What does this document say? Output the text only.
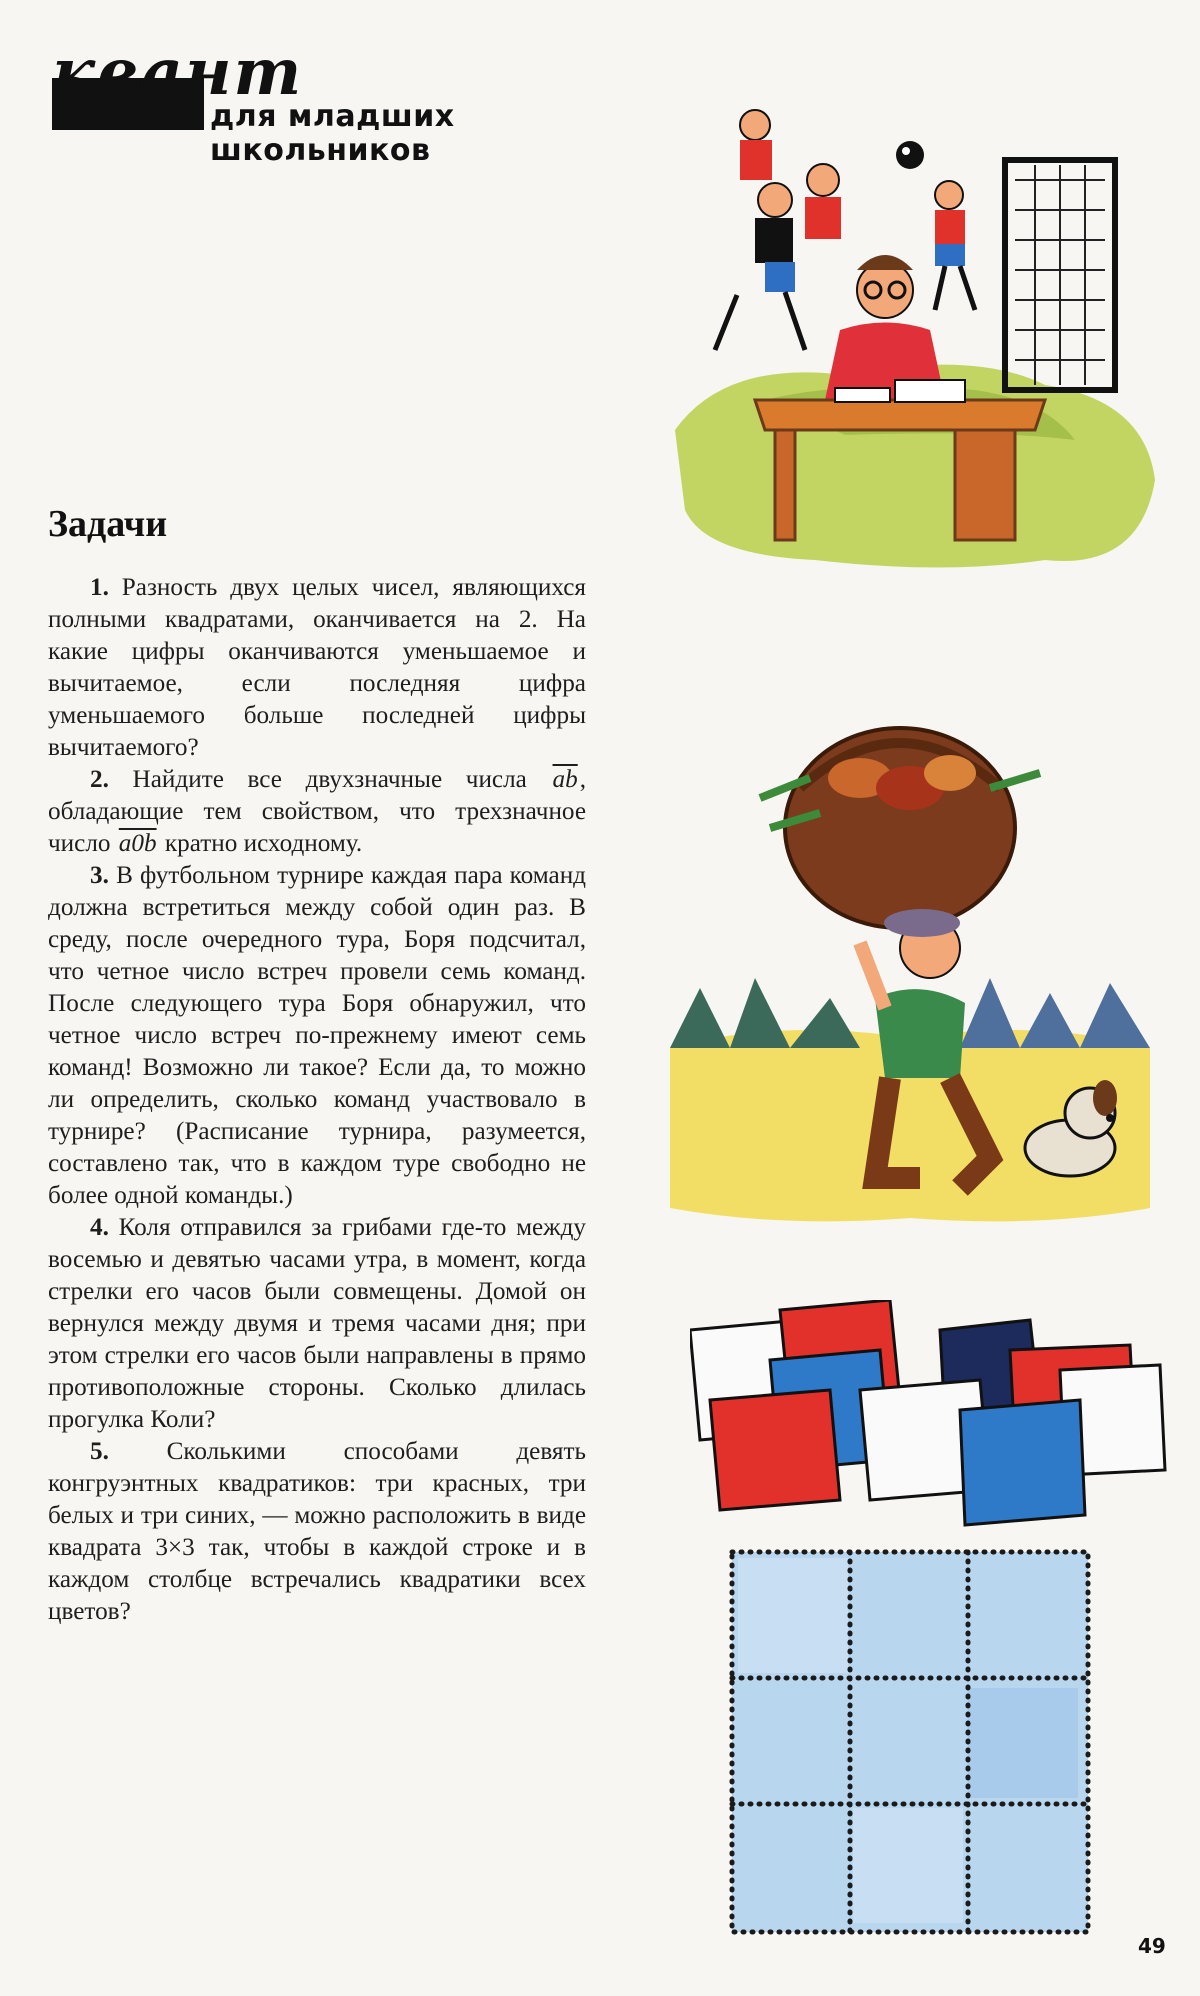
квант
для младших школьников
Задачи

1. Разность двух целых чисел, являющихся полными квадратами, оканчивается на 2. На какие цифры оканчиваются уменьшаемое и вычитаемое, если последняя цифра уменьшаемого больше последней цифры вычитаемого?

2. Найдите все двухзначные числа $\overline{ab}$, обладающие тем свойством, что трехзначное число a0b кратно исходному.

3. В футбольном турнире каждая пара команд должна встретиться между собой один раз. В среду, после очередного тура, Боря подсчитал, что четное число встреч провели семь команд. После следующего тура Боря обнаружил, что четное число встреч по-прежнему имеют семь команд! Возможно ли такое? Если да, то можно ли определить, сколько команд участвовало в турнире? (Расписание турнира, разумеется, составлено так, что в каждом туре свободно не более одной команды.)

4. Коля отправился за грибами где-то между восемью и девятью часами утра, в момент, когда стрелки его часов были совмещены. Домой он вернулся между двумя и тремя часами дня; при этом стрелки его часов были направлены в прямо противоположные стороны. Сколько длилась прогулка Коли?

5. Сколькими способами девять конгруэнтных квадратиков: три красных, три белых и три синих, — можно расположить в виде квадрата 3×3 так, чтобы в каждой строке и в каждом столбце встречались квадратики всех цветов?

49
